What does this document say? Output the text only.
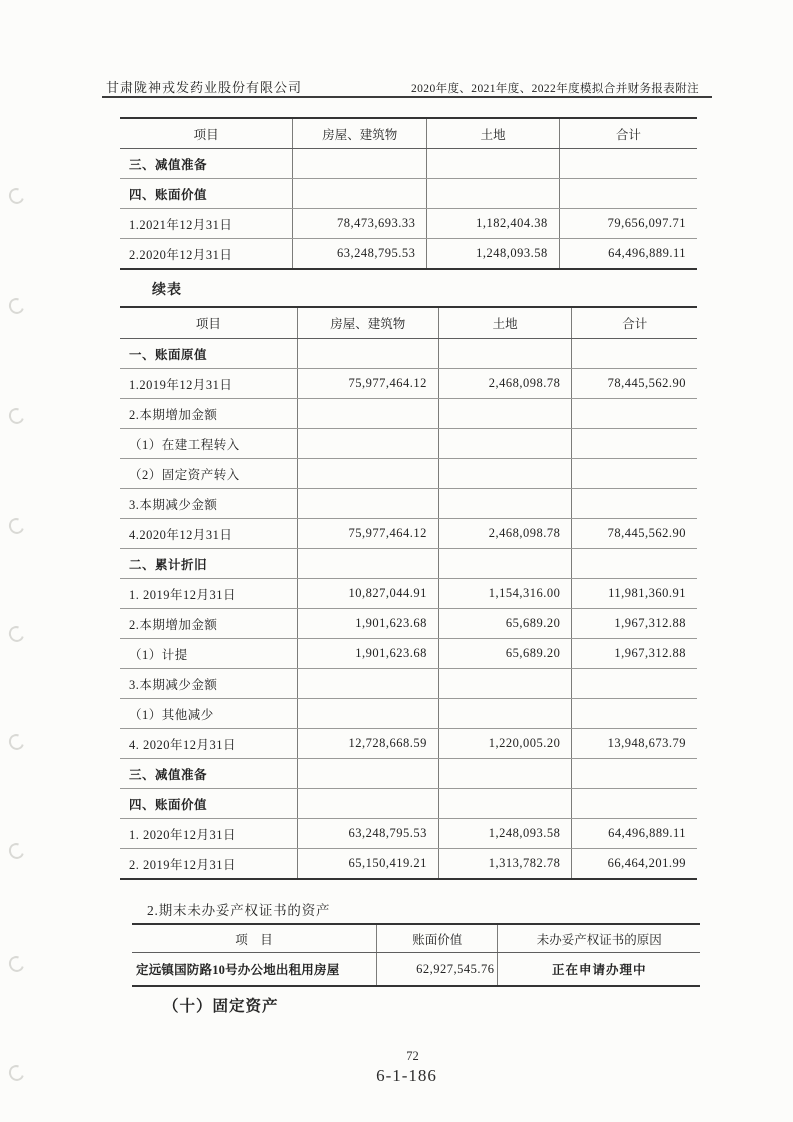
甘肃陇神戎发药业股份有限公司	2020年度、2021年度、2022年度模拟合并财务报表附注
项目	房屋、建筑物	土地	合计
三、减值准备			
四、账面价值			
1.2021年12月31日	78,473,693.33	1,182,404.38	79,656,097.71
2.2020年12月31日	63,248,795.53	1,248,093.58	64,496,889.11
续表
项目	房屋、建筑物	土地	合计
一、账面原值			
1.2019年12月31日	75,977,464.12	2,468,098.78	78,445,562.90
2.本期增加金额			
（1）在建工程转入			
（2）固定资产转入			
3.本期减少金额			
4.2020年12月31日	75,977,464.12	2,468,098.78	78,445,562.90
二、累计折旧			
1. 2019年12月31日	10,827,044.91	1,154,316.00	11,981,360.91
2.本期增加金额	1,901,623.68	65,689.20	1,967,312.88
（1）计提	1,901,623.68	65,689.20	1,967,312.88
3.本期减少金额			
（1）其他减少			
4. 2020年12月31日	12,728,668.59	1,220,005.20	13,948,673.79
三、减值准备			
四、账面价值			
1. 2020年12月31日	63,248,795.53	1,248,093.58	64,496,889.11
2. 2019年12月31日	65,150,419.21	1,313,782.78	66,464,201.99
2.期末未办妥产权证书的资产
项　目	账面价值	未办妥产权证书的原因
定远镇国防路10号办公地出租用房屋	62,927,545.76	正在申请办理中
（十）固定资产
72
6-1-186
